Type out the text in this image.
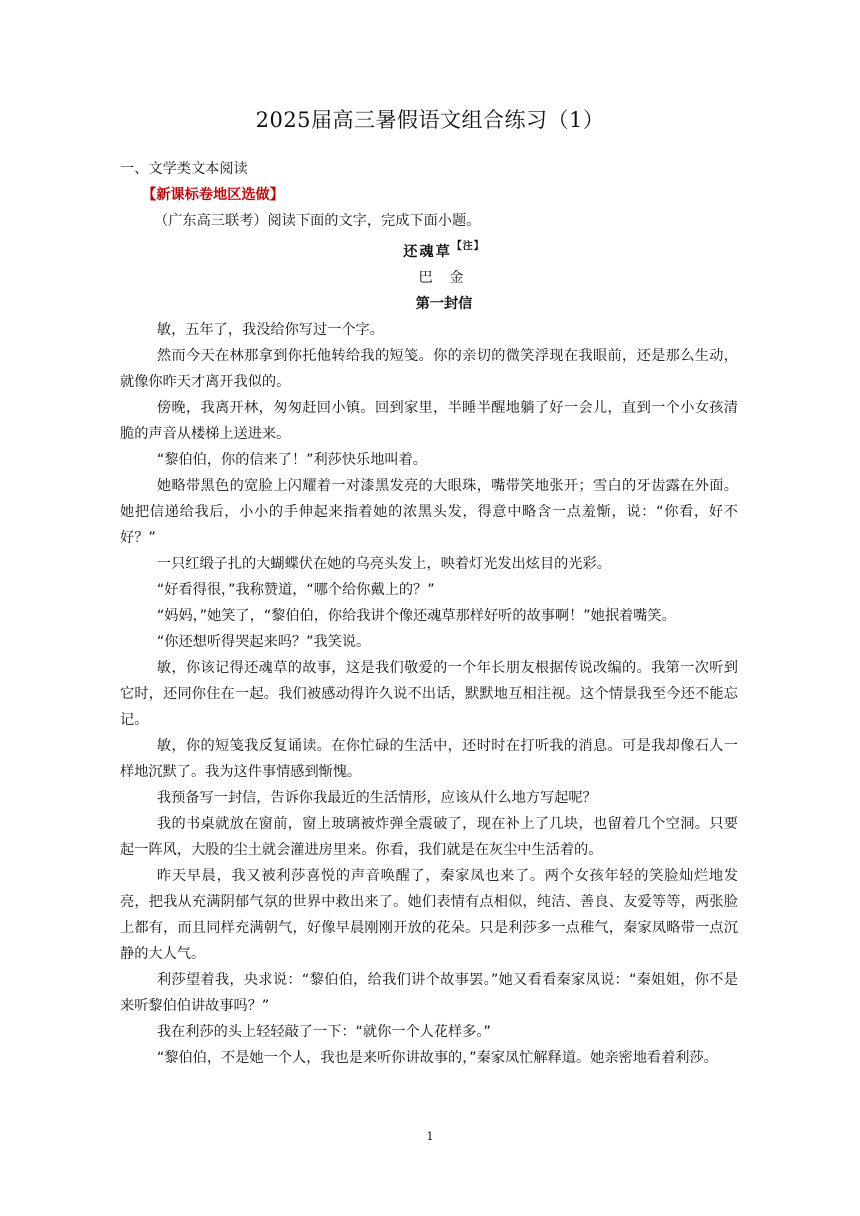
2025届高三暑假语文组合练习（1）

一、文学类文本阅读

【新课标卷地区选做】

（广东高三联考）阅读下面的文字，完成下面小题。

还魂草$^{【注】}$

巴 金

第一封信

敏，五年了，我没给你写过一个字。

然而今天在林那拿到你托他转给我的短笺。你的亲切的微笑浮现在我眼前，还是那么生动，就像你昨天才离开我似的。

傍晚，我离开林，匆匆赶回小镇。回到家里，半睡半醒地躺了好一会儿，直到一个小女孩清脆的声音从楼梯上送进来。

“黎伯伯，你的信来了！”利莎快乐地叫着。

她略带黑色的宽脸上闪耀着一对漆黑发亮的大眼珠，嘴带笑地张开；雪白的牙齿露在外面。她把信递给我后，小小的手伸起来指着她的浓黑头发，得意中略含一点羞惭，说：“你看，好不好？”

一只红缎子扎的大蝴蝶伏在她的乌亮头发上，映着灯光发出炫目的光彩。

“好看得很，”我称赞道，“哪个给你戴上的？”

“妈妈，”她笑了，“黎伯伯，你给我讲个像还魂草那样好听的故事啊！”她抿着嘴笑。

“你还想听得哭起来吗？”我笑说。

敏，你该记得还魂草的故事，这是我们敬爱的一个年长朋友根据传说改编的。我第一次听到它时，还同你住在一起。我们被感动得许久说不出话，默默地互相注视。这个情景我至今还不能忘记。

敏，你的短笺我反复诵读。在你忙碌的生活中，还时时在打听我的消息。可是我却像石人一样地沉默了。我为这件事情感到惭愧。

我预备写一封信，告诉你我最近的生活情形，应该从什么地方写起呢？

我的书桌就放在窗前，窗上玻璃被炸弹全震破了，现在补上了几块，也留着几个空洞。只要起一阵风，大股的尘土就会灌进房里来。你看，我们就是在灰尘中生活着的。

昨天早晨，我又被利莎喜悦的声音唤醒了，秦家凤也来了。两个女孩年轻的笑脸灿烂地发亮，把我从充满阴郁气氛的世界中救出来了。她们表情有点相似，纯洁、善良、友爱等等，两张脸上都有，而且同样充满朝气，好像早晨刚刚开放的花朵。只是利莎多一点稚气，秦家凤略带一点沉静的大人气。

利莎望着我，央求说：“黎伯伯，给我们讲个故事罢。”她又看看秦家凤说：“秦姐姐，你不是来听黎伯伯讲故事吗？”

我在利莎的头上轻轻敲了一下：“就你一个人花样多。”

“黎伯伯，不是她一个人，我也是来听你讲故事的，”秦家凤忙解释道。她亲密地看着利莎。

1
